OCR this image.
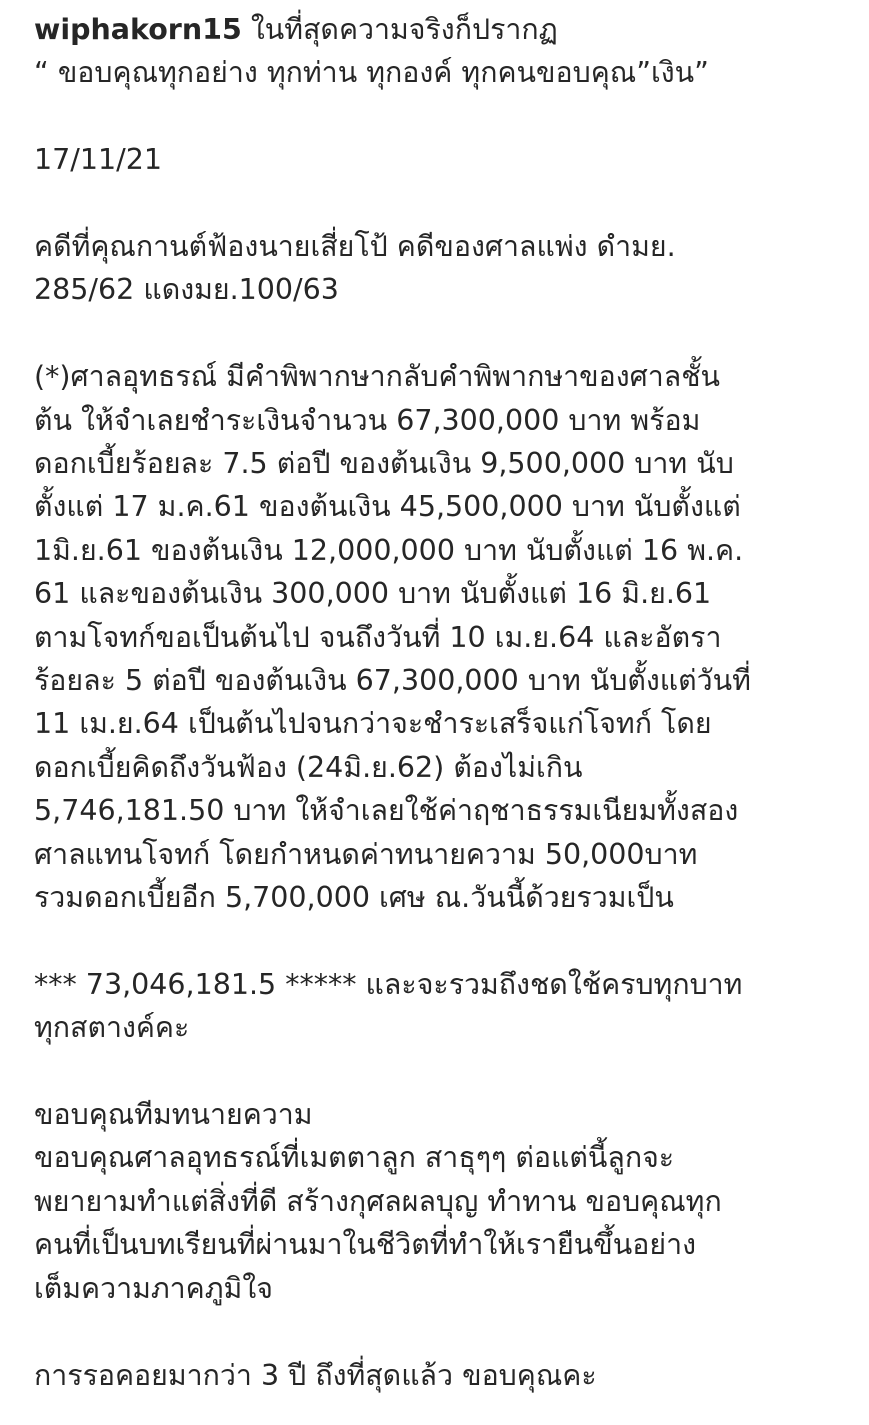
wiphakorn15 ในที่สุดความจริงก็ปรากฏ
“ ขอบคุณทุกอย่าง ทุกท่าน ทุกองค์ ทุกคนขอบคุณ”เงิน”
17/11/21
คดีที่คุณกานต์ฟ้องนายเสี่ยโป้ คดีของศาลแพ่ง ดำมย.
285/62 แดงมย.100/63
(*)ศาลอุทธรณ์ มีคำพิพากษากลับคำพิพากษาของศาลชั้น
ต้น ให้จำเลยชำระเงินจำนวน 67,300,000 บาท พร้อม
ดอกเบี้ยร้อยละ 7.5 ต่อปี ของต้นเงิน 9,500,000 บาท นับ
ตั้งแต่ 17 ม.ค.61 ของต้นเงิน 45,500,000 บาท นับตั้งแต่
1มิ.ย.61 ของต้นเงิน 12,000,000 บาท นับตั้งแต่ 16 พ.ค.
61 และของต้นเงิน 300,000 บาท นับตั้งแต่ 16 มิ.ย.61
ตามโจทก์ขอเป็นต้นไป จนถึงวันที่ 10 เม.ย.64 และอัตรา
ร้อยละ 5 ต่อปี ของต้นเงิน 67,300,000 บาท นับตั้งแต่วันที่
11 เม.ย.64 เป็นต้นไปจนกว่าจะชำระเสร็จแก่โจทก์ โดย
ดอกเบี้ยคิดถึงวันฟ้อง (24มิ.ย.62) ต้องไม่เกิน
5,746,181.50 บาท ให้จำเลยใช้ค่าฤชาธรรมเนียมทั้งสอง
ศาลแทนโจทก์ โดยกำหนดค่าทนายความ 50,000บาท
รวมดอกเบี้ยอีก 5,700,000 เศษ ณ.วันนี้ด้วยรวมเป็น
*** 73,046,181.5 ***** และจะรวมถึงชดใช้ครบทุกบาท
ทุกสตางค์คะ
ขอบคุณทีมทนายความ
ขอบคุณศาลอุทธรณ์ที่เมตตาลูก สาธุๆๆ ต่อแต่นี้ลูกจะ
พยายามทำแต่สิ่งที่ดี สร้างกุศลผลบุญ ทำทาน ขอบคุณทุก
คนที่เป็นบทเรียนที่ผ่านมาในชีวิตที่ทำให้เรายืนขึ้นอย่าง
เต็มความภาคภูมิใจ
การรอคอยมากว่า 3 ปี ถึงที่สุดแล้ว ขอบคุณคะ
